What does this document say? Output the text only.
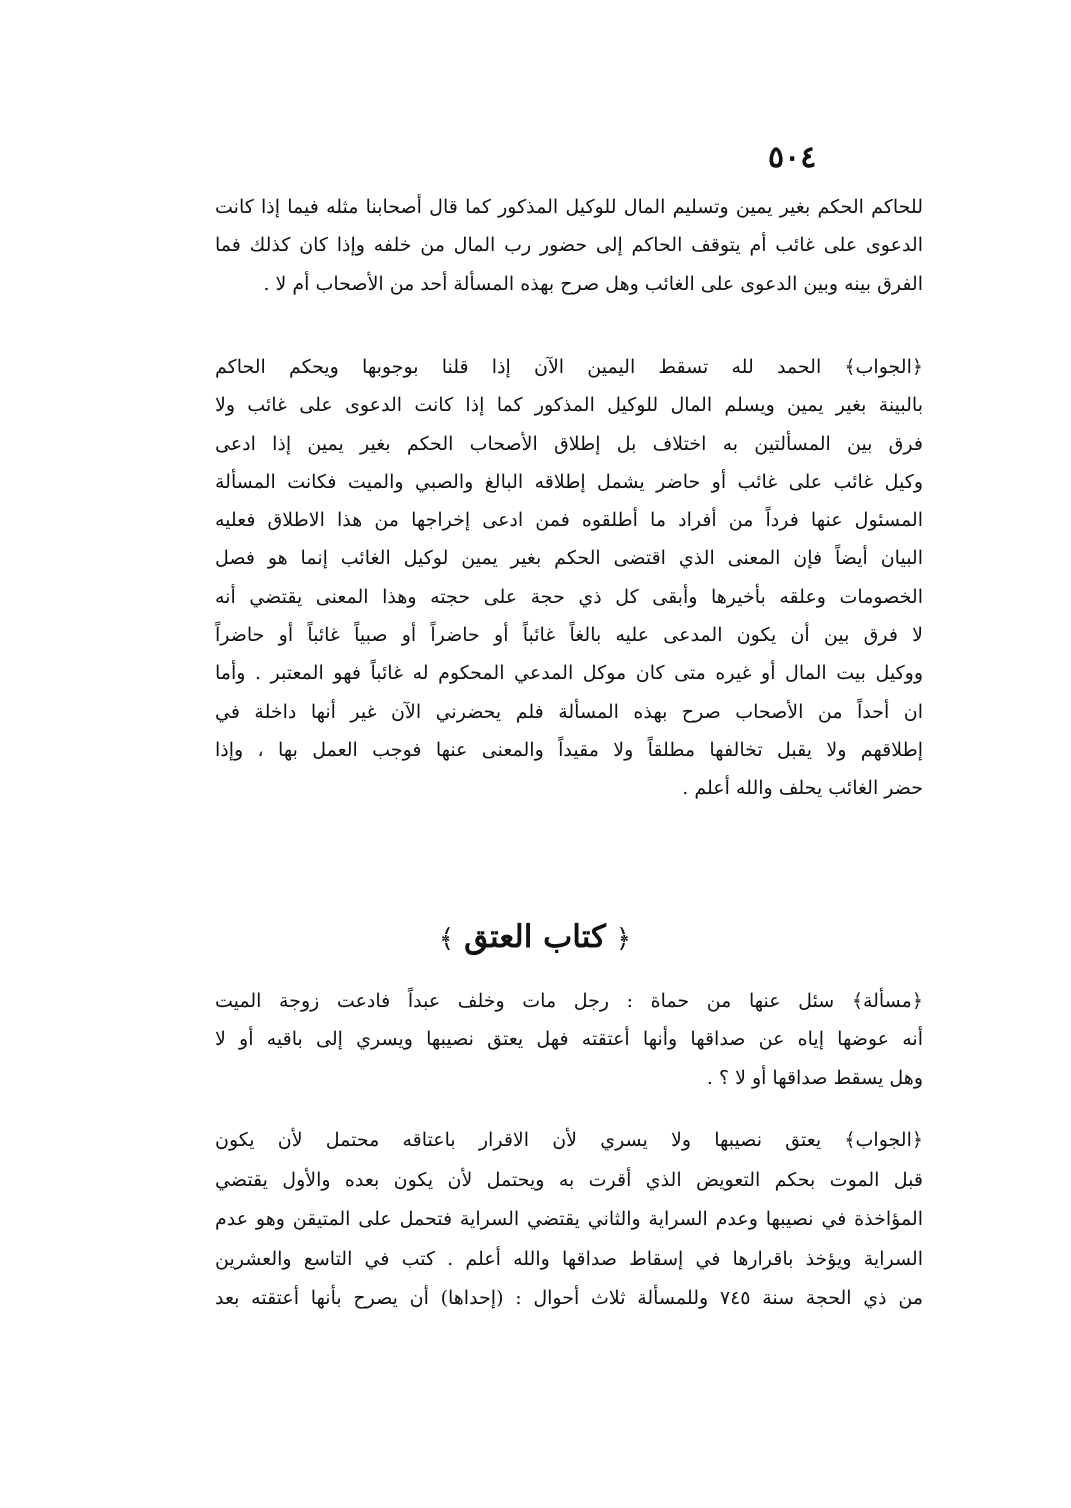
٥٠٤
للحاكم الحكم بغير يمين وتسليم المال للوكيل المذكور كما قال أصحابنا مثله فيما إذا كانت
الدعوى على غائب أم يتوقف الحاكم إلى حضور رب المال من خلفه وإذا كان كذلك فما
الفرق بينه وبين الدعوى على الغائب وهل صرح بهذه المسألة أحد من الأصحاب أم لا .
﴿الجواب﴾ الحمد لله تسقط اليمين الآن إذا قلنا بوجوبها ويحكم الحاكم
بالبينة بغير يمين ويسلم المال للوكيل المذكور كما إذا كانت الدعوى على غائب ولا
فرق بين المسألتين به اختلاف بل إطلاق الأصحاب الحكم بغير يمين إذا ادعى
وكيل غائب على غائب أو حاضر يشمل إطلاقه البالغ والصبي والميت فكانت المسألة
المسئول عنها فرداً من أفراد ما أطلقوه فمن ادعى إخراجها من هذا الاطلاق فعليه
البيان أيضاً فإن المعنى الذي اقتضى الحكم بغير يمين لوكيل الغائب إنما هو فصل
الخصومات وعلقه بأخيرها وأبقى كل ذي حجة على حجته وهذا المعنى يقتضي أنه
لا فرق بين أن يكون المدعى عليه بالغاً غائباً أو حاضراً أو صبياً غائباً أو حاضراً
ووكيل بيت المال أو غيره متى كان موكل المدعي المحكوم له غائباً فهو المعتبر . وأما
ان أحداً من الأصحاب صرح بهذه المسألة فلم يحضرني الآن غير أنها داخلة في
إطلاقهم ولا يقبل تخالفها مطلقاً ولا مقيداً والمعنى عنها فوجب العمل بها ، وإذا
حضر الغائب يحلف والله أعلم .
﴿كتاب العتق﴾
﴿مسألة﴾ سئل عنها من حماة : رجل مات وخلف عبداً فادعت زوجة الميت
أنه عوضها إياه عن صداقها وأنها أعتقته فهل يعتق نصيبها ويسري إلى باقيه أو لا
وهل يسقط صداقها أو لا ؟ .
﴿الجواب﴾ يعتق نصيبها ولا يسري لأن الاقرار باعتاقه محتمل لأن يكون
قبل الموت بحكم التعويض الذي أقرت به ويحتمل لأن يكون بعده والأول يقتضي
المؤاخذة في نصيبها وعدم السراية والثاني يقتضي السراية فتحمل على المتيقن وهو عدم
السراية ويؤخذ باقرارها في إسقاط صداقها والله أعلم . كتب في التاسع والعشرين
من ذي الحجة سنة ٧٤٥ وللمسألة ثلاث أحوال : (إحداها) أن يصرح بأنها أعتقته بعد
